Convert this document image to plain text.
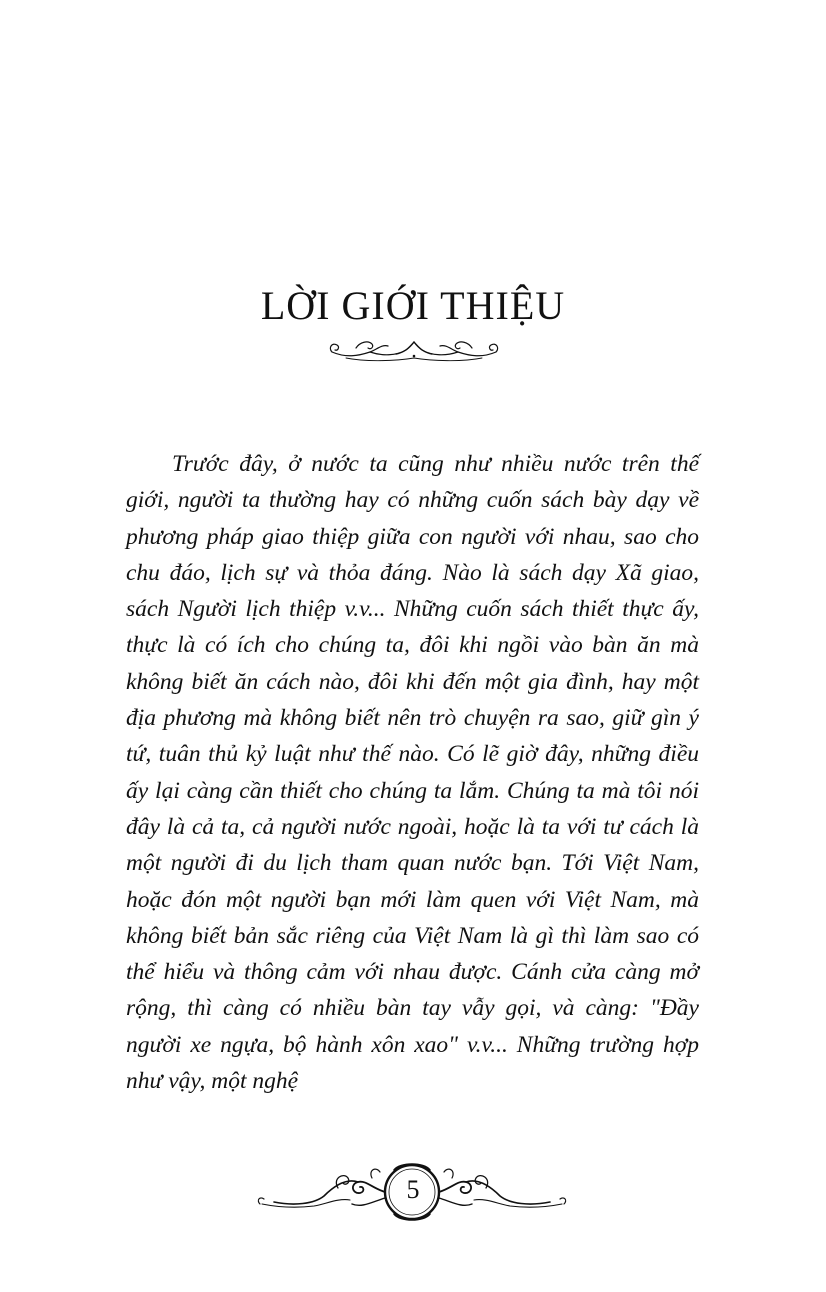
LỜI GIỚI THIỆU

Trước đây, ở nước ta cũng như nhiều nước trên thế giới, người ta thường hay có những cuốn sách bày dạy về phương pháp giao thiệp giữa con người với nhau, sao cho chu đáo, lịch sự và thỏa đáng. Nào là sách dạy Xã giao, sách Người lịch thiệp v.v... Những cuốn sách thiết thực ấy, thực là có ích cho chúng ta, đôi khi ngồi vào bàn ăn mà không biết ăn cách nào, đôi khi đến một gia đình, hay một địa phương mà không biết nên trò chuyện ra sao, giữ gìn ý tứ, tuân thủ kỷ luật như thế nào. Có lẽ giờ đây, những điều ấy lại càng cần thiết cho chúng ta lắm. Chúng ta mà tôi nói đây là cả ta, cả người nước ngoài, hoặc là ta với tư cách là một người đi du lịch tham quan nước bạn. Tới Việt Nam, hoặc đón một người bạn mới làm quen với Việt Nam, mà không biết bản sắc riêng của Việt Nam là gì thì làm sao có thể hiểu và thông cảm với nhau được. Cánh cửa càng mở rộng, thì càng có nhiều bàn tay vẫy gọi, và càng: "Đầy người xe ngựa, bộ hành xôn xao" v.v... Những trường hợp như vậy, một nghệ

5
